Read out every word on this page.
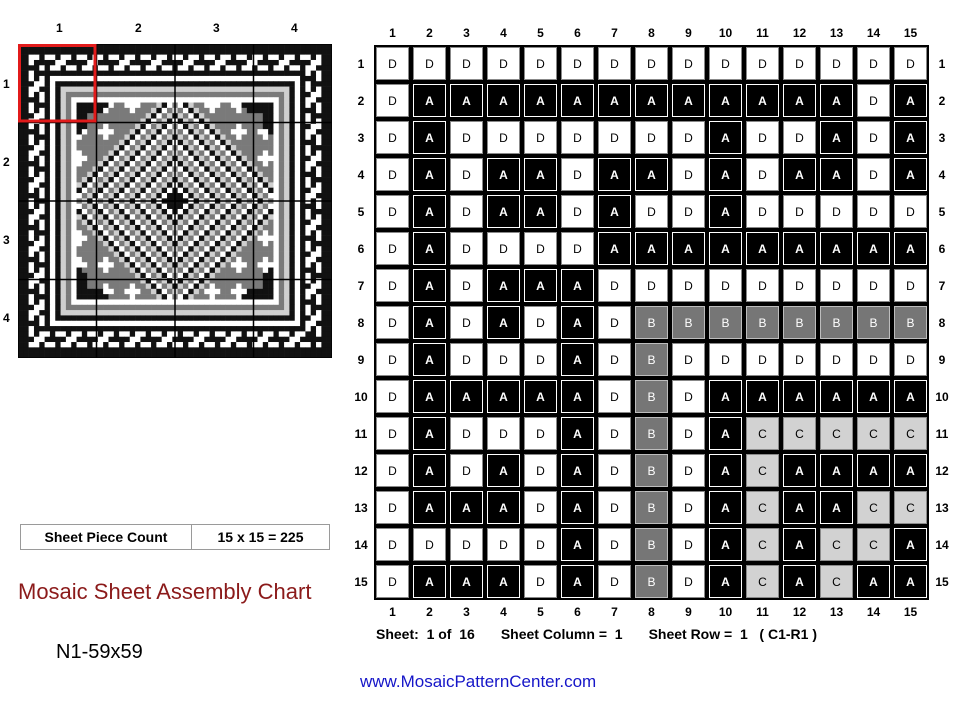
1	2	3	4
1
2
3
4
D	D	D	D	D	D	D	D	D	D	D	D	D	D	D
D	A	A	A	A	A	A	A	A	A	A	A	A	D	A
D	A	D	D	D	D	D	D	D	A	D	D	A	D	A
D	A	D	A	A	D	A	A	D	A	D	A	A	D	A
D	A	D	A	A	D	A	D	D	A	D	D	D	D	D
D	A	D	D	D	D	A	A	A	A	A	A	A	A	A
D	A	D	A	A	A	D	D	D	D	D	D	D	D	D
D	A	D	A	D	A	D	B	B	B	B	B	B	B	B
D	A	D	D	D	A	D	B	D	D	D	D	D	D	D
D	A	A	A	A	A	D	B	D	A	A	A	A	A	A
D	A	D	D	D	A	D	B	D	A	C	C	C	C	C
D	A	D	A	D	A	D	B	D	A	C	A	A	A	A
D	A	A	A	D	A	D	B	D	A	C	A	A	C	C
D	D	D	D	D	A	D	B	D	A	C	A	C	C	A
D	A	A	A	D	A	D	B	D	A	C	A	C	A	A
Sheet Piece Count	15 x 15 = 225
Mosaic Sheet Assembly Chart
N1-59x59
Sheet:  1 of  16 Sheet Column =  1 Sheet Row =  1   ( C1-R1 )
www.MosaicPatternCenter.com
1
1
2
2
3
3
4
4
5
5
6
6
7
7
8
8
9
9
10
10
11
11
12
12
13
13
14
14
15
15
1	1
2	2
3	3
4	4
5	5
6	6
7	7
8	8
9	9
10	10
11	11
12	12
13	13
14	14
15	15
